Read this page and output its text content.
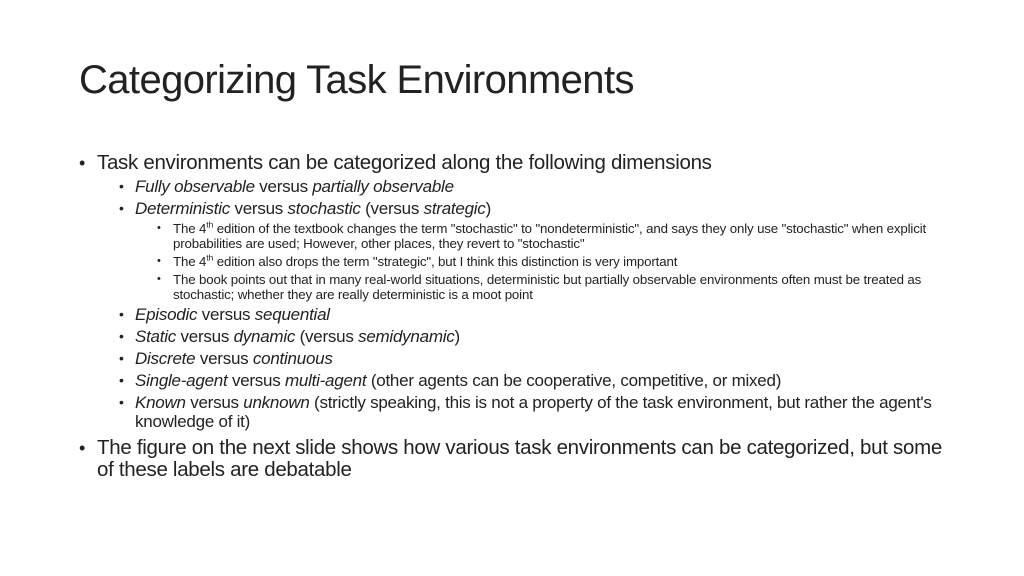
Categorizing Task Environments
• Task environments can be categorized along the following dimensions
• Fully observable versus partially observable
• Deterministic versus stochastic (versus strategic)
• The 4th edition of the textbook changes the term "stochastic" to "nondeterministic", and says they only use "stochastic" when explicit probabilities are used; However, other places, they revert to "stochastic"
• The 4th edition also drops the term "strategic", but I think this distinction is very important
• The book points out that in many real-world situations, deterministic but partially observable environments often must be treated as stochastic; whether they are really deterministic is a moot point
• Episodic versus sequential
• Static versus dynamic (versus semidynamic)
• Discrete versus continuous
• Single-agent versus multi-agent (other agents can be cooperative, competitive, or mixed)
• Known versus unknown (strictly speaking, this is not a property of the task environment, but rather the agent's knowledge of it)
• The figure on the next slide shows how various task environments can be categorized, but some of these labels are debatable
